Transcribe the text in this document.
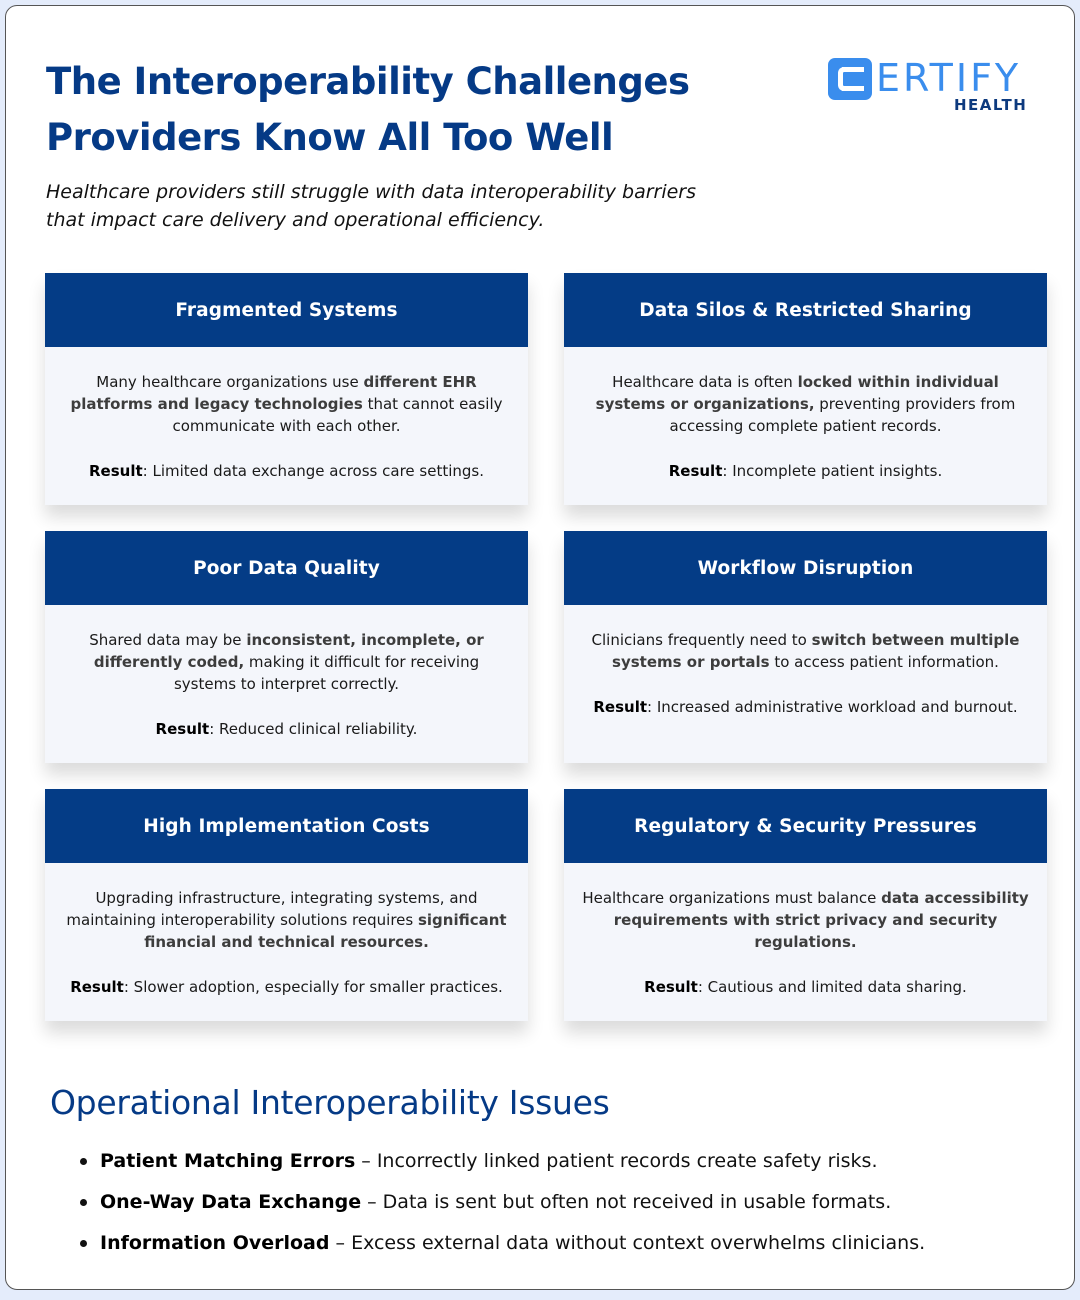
The Interoperability Challenges
Providers Know All Too Well
ERTIFY
HEALTH

Healthcare providers still struggle with data interoperability barriers
that impact care delivery and operational efficiency.

Fragmented Systems

Many healthcare organizations use different EHR platforms and legacy technologies that cannot easily communicate with each other.

Result: Limited data exchange across care settings.

Data Silos & Restricted Sharing

Healthcare data is often locked within individual systems or organizations, preventing providers from accessing complete patient records.

Result: Incomplete patient insights.

Poor Data Quality

Shared data may be inconsistent, incomplete, or differently coded, making it difficult for receiving systems to interpret correctly.

Result: Reduced clinical reliability.

Workflow Disruption

Clinicians frequently need to switch between multiple systems or portals to access patient information.

Result: Increased administrative workload and burnout.

High Implementation Costs

Upgrading infrastructure, integrating systems, and maintaining interoperability solutions requires significant financial and technical resources.

Result: Slower adoption, especially for smaller practices.

Regulatory & Security Pressures

Healthcare organizations must balance data accessibility requirements with strict privacy and security regulations.

Result: Cautious and limited data sharing.

Operational Interoperability Issues
Patient Matching Errors – Incorrectly linked patient records create safety risks.
One-Way Data Exchange – Data is sent but often not received in usable formats.
Information Overload – Excess external data without context overwhelms clinicians.
